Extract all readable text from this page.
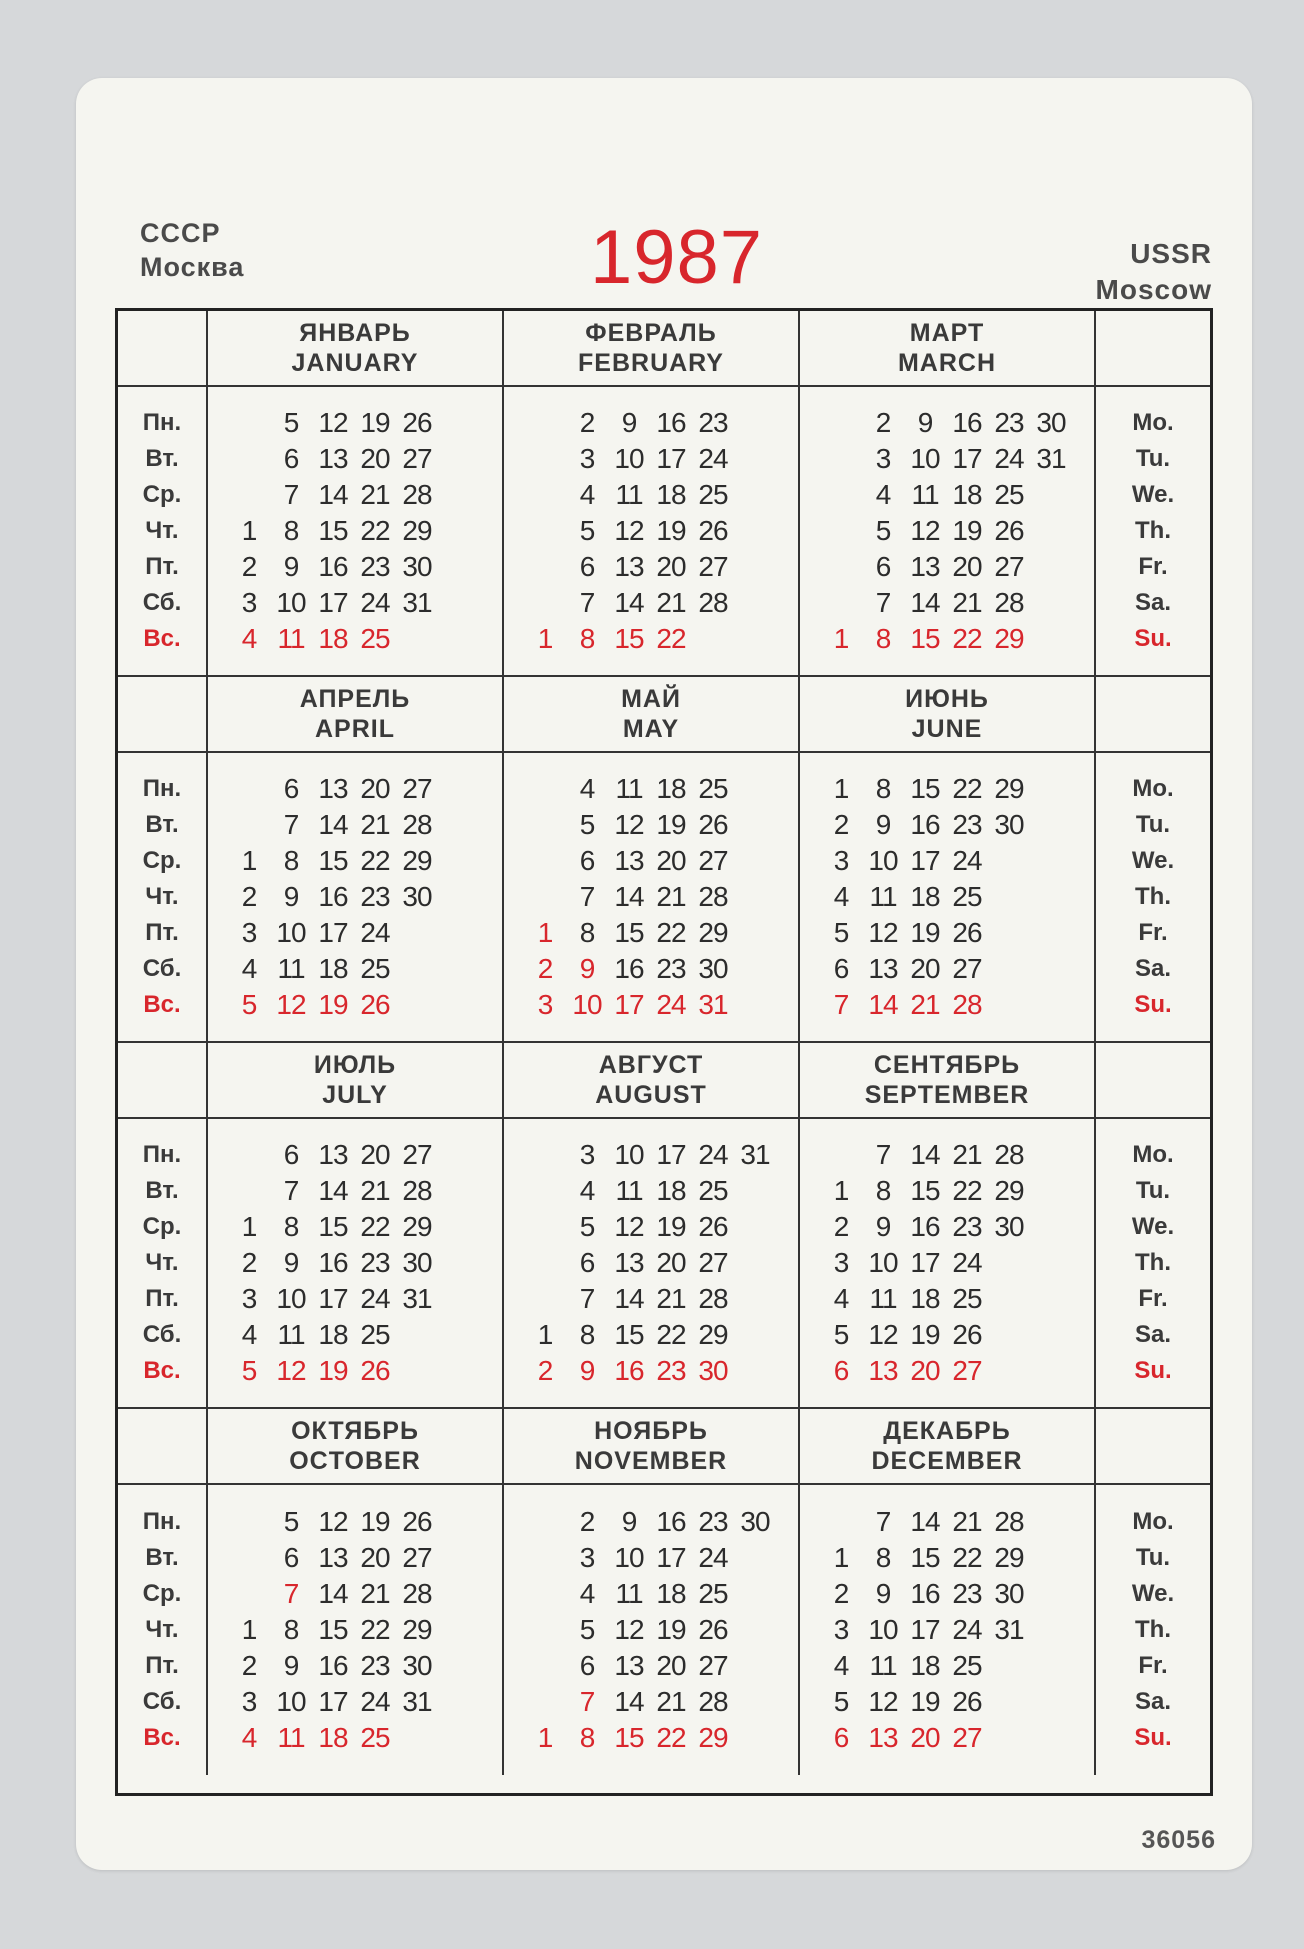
СССР
Москва	1987	USSR
Moscow
ЯНВАРЬ
JANUARY
ФЕВРАЛЬ
FEBRUARY
МАРТ
MARCH
Пн.
Вт.
Ср.
Чт.
Пт.
Сб.
Вс.
5 12 19 26
6 13 20 27
7 14 21 28
1 8 15 22 29
2 9 16 23 30
3 10 17 24 31
4 11 18 25
2 9 16 23
3 10 17 24
4 11 18 25
5 12 19 26
6 13 20 27
7 14 21 28
1 8 15 22
2 9 16 23 30
3 10 17 24 31
4 11 18 25
5 12 19 26
6 13 20 27
7 14 21 28
1 8 15 22 29
Mo.
Tu.
We.
Th.
Fr.
Sa.
Su.
АПРЕЛЬ
APRIL
МАЙ
MAY
ИЮНЬ
JUNE
Пн.
Вт.
Ср.
Чт.
Пт.
Сб.
Вс.
6 13 20 27
7 14 21 28
1 8 15 22 29
2 9 16 23 30
3 10 17 24
4 11 18 25
5 12 19 26
4 11 18 25
5 12 19 26
6 13 20 27
7 14 21 28
1 8 15 22 29
2 9 16 23 30
3 10 17 24 31
1 8 15 22 29
2 9 16 23 30
3 10 17 24
4 11 18 25
5 12 19 26
6 13 20 27
7 14 21 28
Mo.
Tu.
We.
Th.
Fr.
Sa.
Su.
ИЮЛЬ
JULY
АВГУСТ
AUGUST
СЕНТЯБРЬ
SEPTEMBER
Пн.
Вт.
Ср.
Чт.
Пт.
Сб.
Вс.
6 13 20 27
7 14 21 28
1 8 15 22 29
2 9 16 23 30
3 10 17 24 31
4 11 18 25
5 12 19 26
3 10 17 24 31
4 11 18 25
5 12 19 26
6 13 20 27
7 14 21 28
1 8 15 22 29
2 9 16 23 30
7 14 21 28
1 8 15 22 29
2 9 16 23 30
3 10 17 24
4 11 18 25
5 12 19 26
6 13 20 27
Mo.
Tu.
We.
Th.
Fr.
Sa.
Su.
ОКТЯБРЬ
OCTOBER
НОЯБРЬ
NOVEMBER
ДЕКАБРЬ
DECEMBER
Пн.
Вт.
Ср.
Чт.
Пт.
Сб.
Вс.
5 12 19 26
6 13 20 27
7 14 21 28
1 8 15 22 29
2 9 16 23 30
3 10 17 24 31
4 11 18 25
2 9 16 23 30
3 10 17 24
4 11 18 25
5 12 19 26
6 13 20 27
7 14 21 28
1 8 15 22 29
7 14 21 28
1 8 15 22 29
2 9 16 23 30
3 10 17 24 31
4 11 18 25
5 12 19 26
6 13 20 27
Mo.
Tu.
We.
Th.
Fr.
Sa.
Su.
36056
